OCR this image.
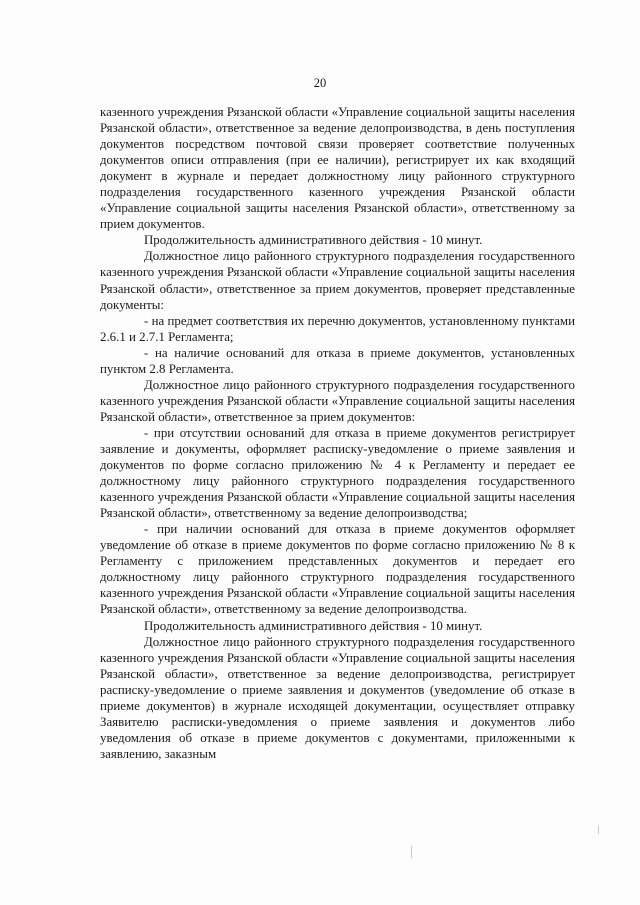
20

казенного учреждения Рязанской области «Управление социальной защиты населения Рязанской области», ответственное за ведение делопроизводства, в день поступления документов посредством почтовой связи проверяет соответствие полученных документов описи отправления (при ее наличии), регистрирует их как входящий документ в журнале и передает должностному лицу районного структурного подразделения государственного казенного учреждения Рязанской области «Управление социальной защиты населения Рязанской области», ответственному за прием документов.

Продолжительность административного действия - 10 минут.

Должностное лицо районного структурного подразделения государственного казенного учреждения Рязанской области «Управление социальной защиты населения Рязанской области», ответственное за прием документов, проверяет представленные документы:

- на предмет соответствия их перечню документов, установленному пунктами 2.6.1 и 2.7.1 Регламента;

- на наличие оснований для отказа в приеме документов, установленных пунктом 2.8 Регламента.

Должностное лицо районного структурного подразделения государственного казенного учреждения Рязанской области «Управление социальной защиты населения Рязанской области», ответственное за прием документов:

- при отсутствии оснований для отказа в приеме документов регистрирует заявление и документы, оформляет расписку-уведомление о приеме заявления и документов по форме согласно приложению № 4 к Регламенту и передает ее должностному лицу районного структурного подразделения государственного казенного учреждения Рязанской области «Управление социальной защиты населения Рязанской области», ответственному за ведение делопроизводства;

- при наличии оснований для отказа в приеме документов оформляет уведомление об отказе в приеме документов по форме согласно приложению № 8 к Регламенту с приложением представленных документов и передает его должностному лицу районного структурного подразделения государственного казенного учреждения Рязанской области «Управление социальной защиты населения Рязанской области», ответственному за ведение делопроизводства.

Продолжительность административного действия - 10 минут.

Должностное лицо районного структурного подразделения государственного казенного учреждения Рязанской области «Управление социальной защиты населения Рязанской области», ответственное за ведение делопроизводства, регистрирует расписку-уведомление о приеме заявления и документов (уведомление об отказе в приеме документов) в журнале исходящей документации, осуществляет отправку Заявителю расписки-уведомления о приеме заявления и документов либо уведомления об отказе в приеме документов с документами, приложенными к заявлению, заказным
